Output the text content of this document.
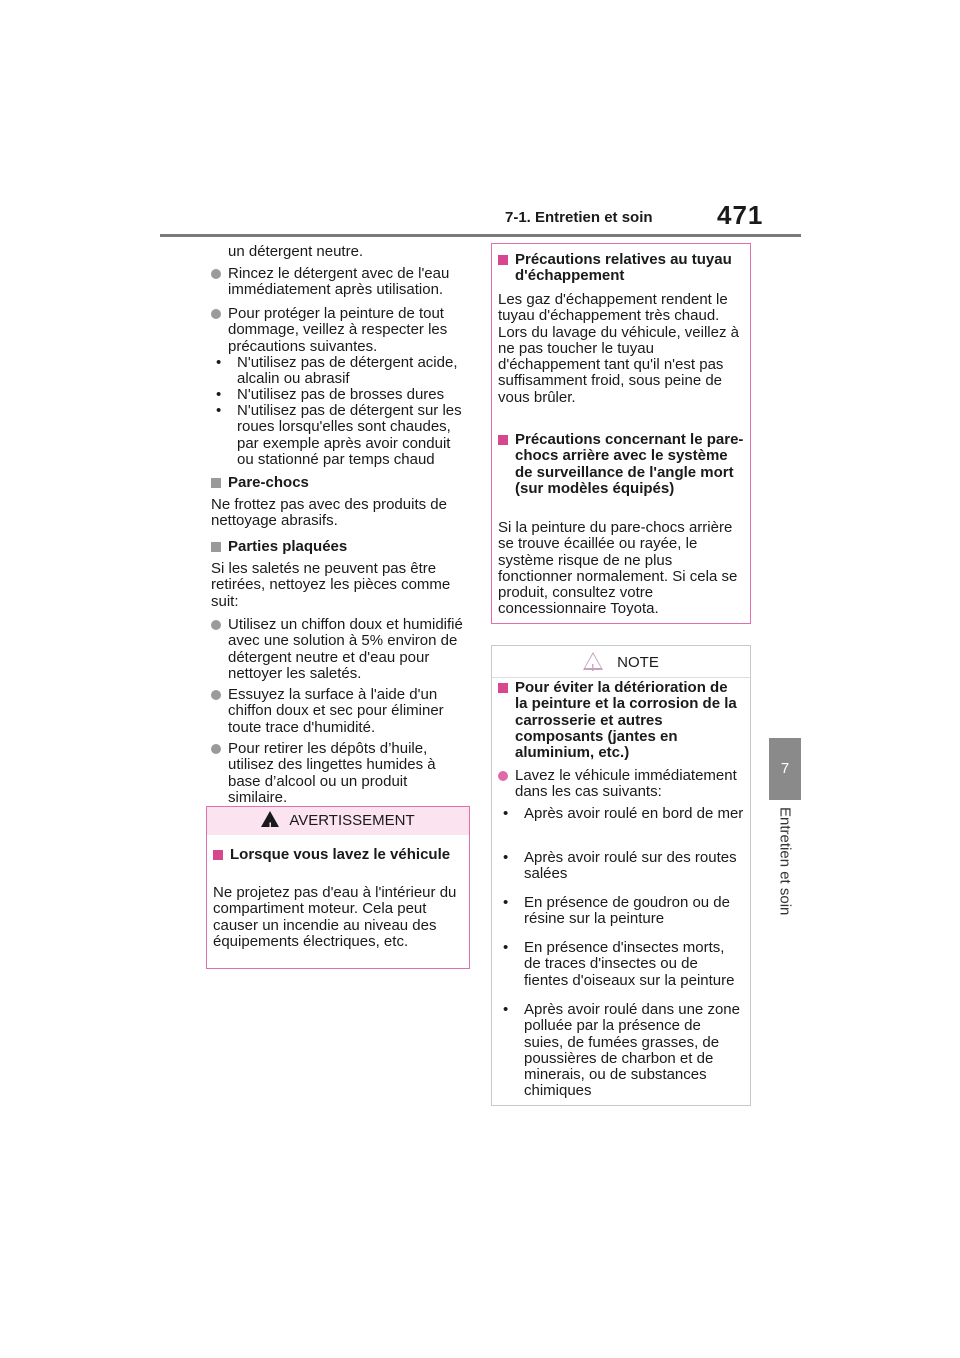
7-1. Entretien et soin 471
7
Entretien et soin
un détergent neutre.
Rincez le détergent avec de l'eau immédiatement après utilisation.
Pour protéger la peinture de tout dommage, veillez à respecter les précautions suivantes.
•	N'utilisez pas de détergent acide, alcalin ou abrasif
•	N'utilisez pas de brosses dures
•	N'utilisez pas de détergent sur les roues lorsqu'elles sont chaudes, par exemple après avoir conduit ou stationné par temps chaud
Pare-chocs
Ne frottez pas avec des produits de nettoyage abrasifs.
Parties plaquées
Si les saletés ne peuvent pas être retirées, nettoyez les pièces comme suit:
Utilisez un chiffon doux et humidifié avec une solution à 5% environ de détergent neutre et d'eau pour nettoyer les saletés.
Essuyez la surface à l'aide d'un chiffon doux et sec pour éliminer toute trace d'humidité.
Pour retirer les dépôts d’huile, utilisez des lingettes humides à base d’alcool ou un produit similaire.
!AVERTISSEMENT
Lorsque vous lavez le véhicule
Ne projetez pas d'eau à l'intérieur du compartiment moteur. Cela peut causer un incendie au niveau des équipements électriques, etc.
Précautions relatives au tuyau d'échappement
Les gaz d'échappement rendent le tuyau d'échappement très chaud. Lors du lavage du véhicule, veillez à ne pas toucher le tuyau d'échappement tant qu'il n'est pas suffisamment froid, sous peine de vous brûler.
Précautions concernant le pare-chocs arrière avec le système de surveillance de l'angle mort (sur modèles équipés)
Si la peinture du pare-chocs arrière se trouve écaillée ou rayée, le système risque de ne plus fonctionner normalement. Si cela se produit, consultez votre concessionnaire Toyota.
!NOTE
Pour éviter la détérioration de la peinture et la corrosion de la carrosserie et autres composants (jantes en aluminium, etc.)
Lavez le véhicule immédiatement dans les cas suivants:
•	Après avoir roulé en bord de mer
•	Après avoir roulé sur des routes salées
•	En présence de goudron ou de résine sur la peinture
•	En présence d'insectes morts, de traces d'insectes ou de fientes d'oiseaux sur la peinture
•	Après avoir roulé dans une zone polluée par la présence de suies, de fumées grasses, de poussières de charbon et de minerais, ou de substances chimiques
